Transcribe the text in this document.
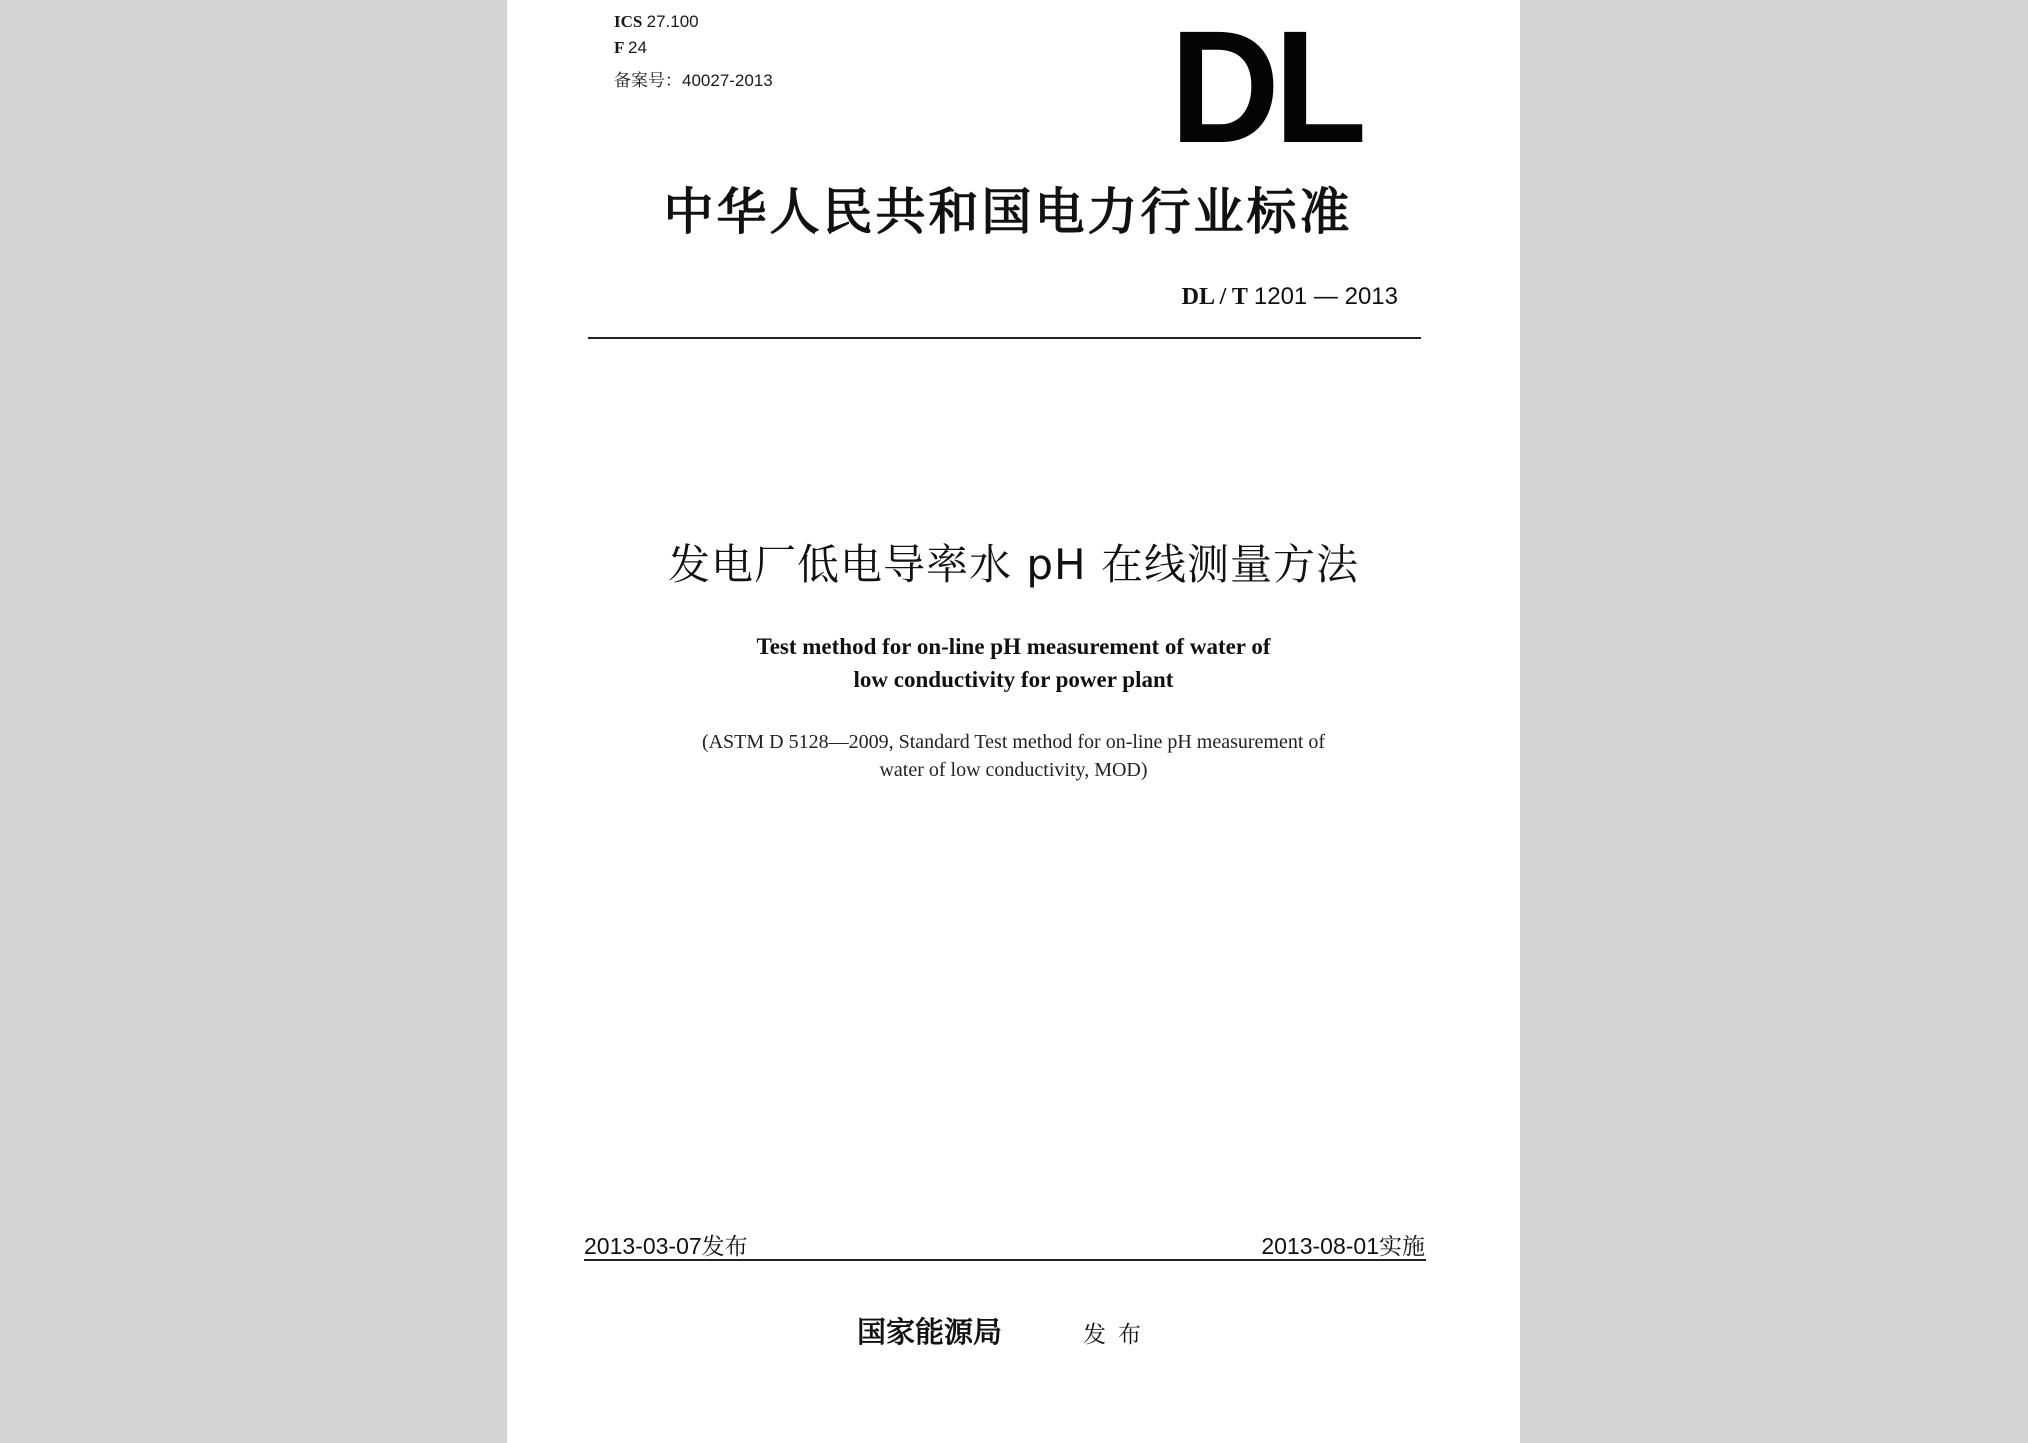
ICS 27.100
F 24
备案号：40027-2013 DL
中华人民共和国电力行业标准
DL / T 1201 — 2013
发电厂低电导率水 pH 在线测量方法
Test method for on-line pH measurement of water of
low conductivity for power plant
(ASTM D 5128—2009, Standard Test method for on-line pH measurement of
water of low conductivity, MOD)
2013-03-07发布	2013-08-01实施
国家能源局	发布
